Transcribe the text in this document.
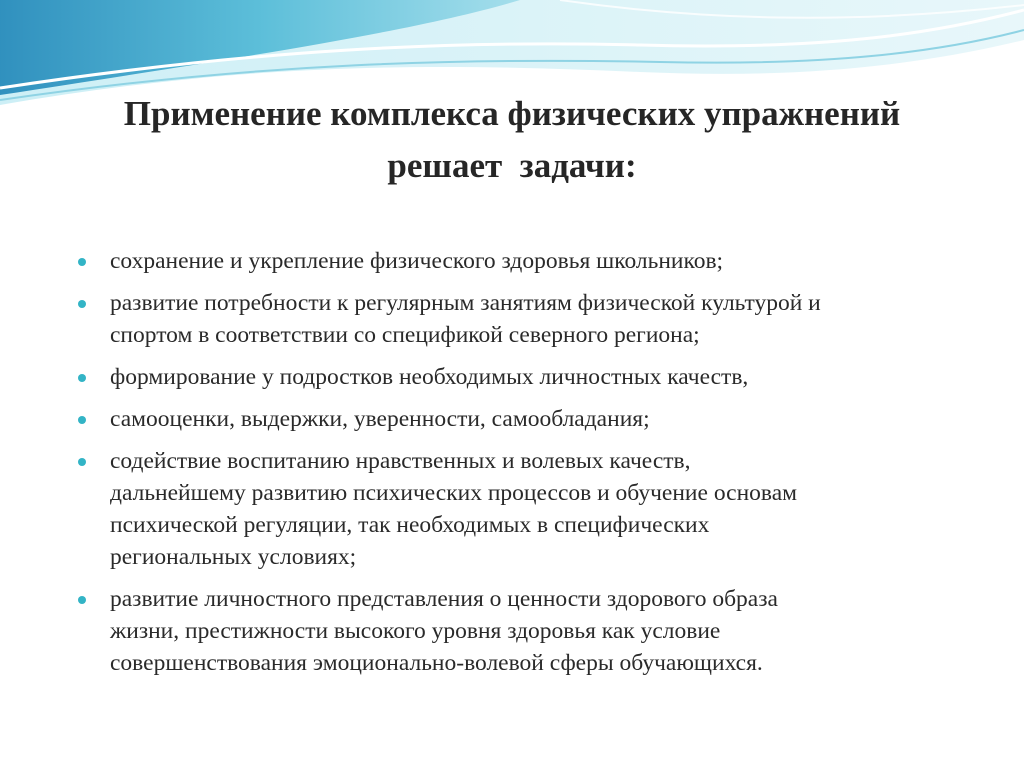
Применение комплекса физических упражнений
решает  задачи:
сохранение и укрепление физического здоровья школьников;
развитие потребности к регулярным занятиям физической культурой и
спортом в соответствии со спецификой северного региона;
формирование у подростков необходимых личностных качеств,
самооценки, выдержки, уверенности, самообладания;
содействие воспитанию нравственных и волевых качеств,
дальнейшему развитию психических процессов и обучение основам
психической регуляции, так необходимых в специфических
региональных условиях;
развитие личностного представления о ценности здорового образа
жизни, престижности высокого уровня здоровья как условие
совершенствования эмоционально-волевой сферы обучающихся.
